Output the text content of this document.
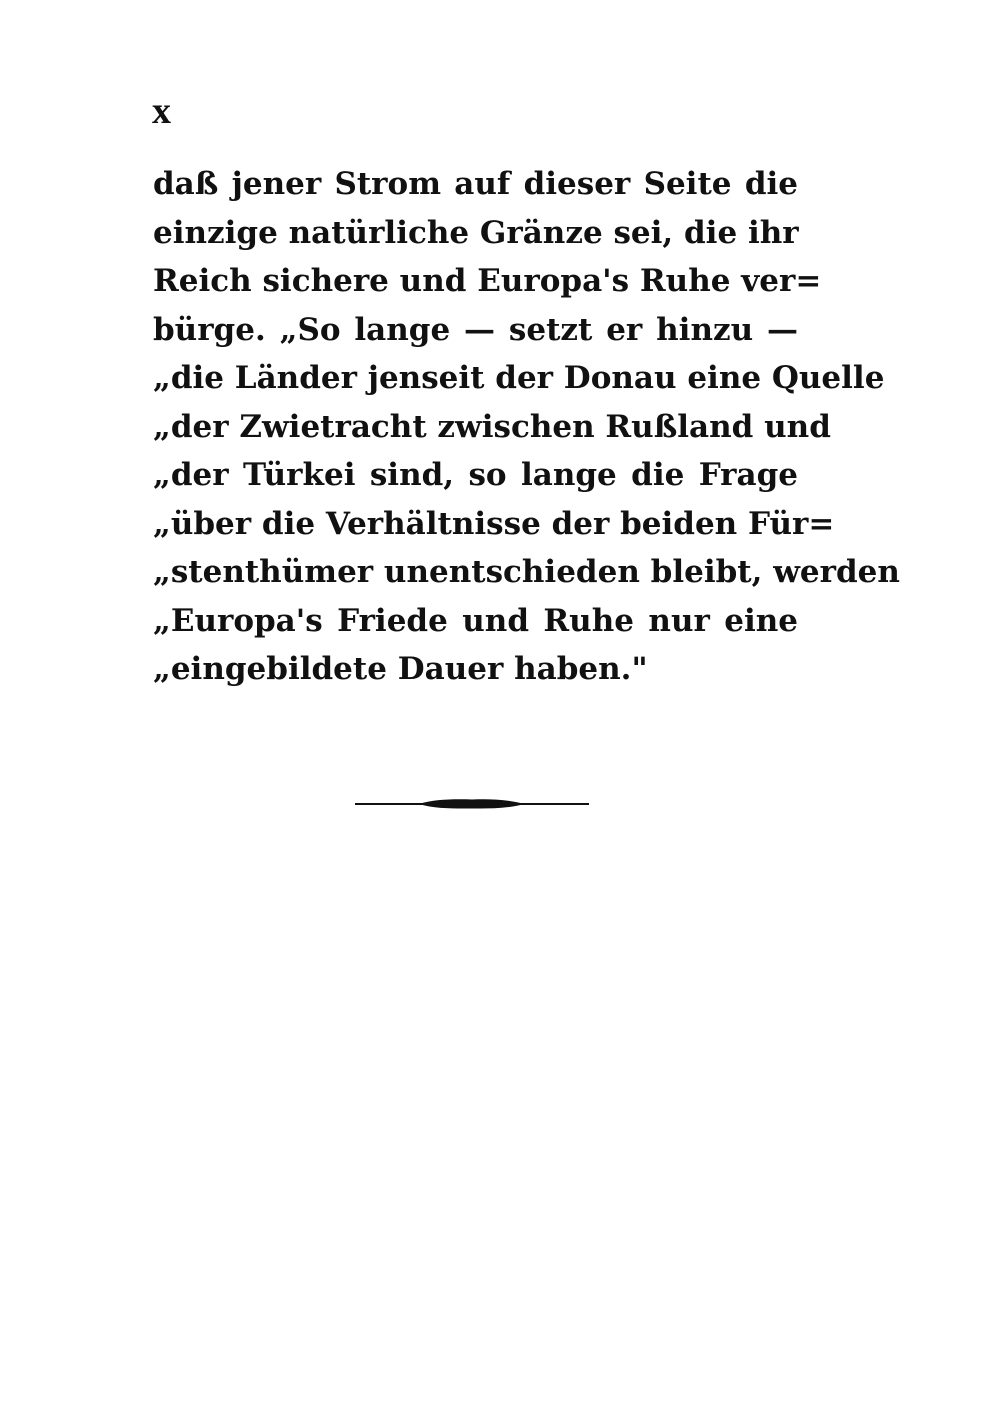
x
daß jener Strom auf dieser Seite die
einzige natürliche Gränze sei, die ihr
Reich sichere und Europa's Ruhe ver=
bürge. „So lange — setzt er hinzu —
„die Länder jenseit der Donau eine Quelle
„der Zwietracht zwischen Rußland und
„der Türkei sind, so lange die Frage
„über die Verhältnisse der beiden Für=
„stenthümer unentschieden bleibt, werden
„Europa's Friede und Ruhe nur eine
„eingebildete Dauer haben."
